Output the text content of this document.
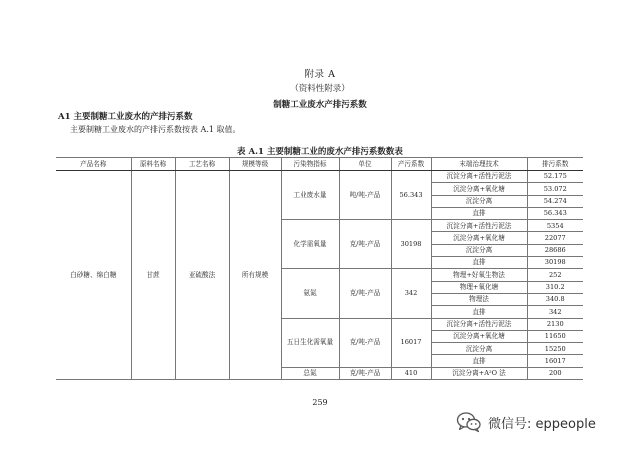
附录 A
（资料性附录）
制糖工业废水产排污系数
A1 主要制糖工业废水的产排污系数
主要制糖工业废水的产排污系数按表 A.1 取值。
表 A.1 主要制糖工业的废水产排污系数数表
产品名称	原料名称	工艺名称	规模等级	污染物指标	单位	产污系数	末端治理技术	排污系数
白砂糖、绵白糖	甘蔗	亚硫酸法	所有规模	工业废水量	吨/吨-产品	56.343	沉淀分离+活性污泥法	52.175
							沉淀分离+氧化塘	53.072
							沉淀分离	54.274
							直排	56.343
				化学需氧量	克/吨-产品	30198	沉淀分离+活性污泥法	5354
							沉淀分离+氧化塘	22077
							沉淀分离	28686
							直排	30198
				氨氮	克/吨-产品	342	物理+好氧生物法	252
							物理+氧化塘	310.2
							物理法	340.8
							直排	342
				五日生化需氧量	克/吨-产品	16017	沉淀分离+活性污泥法	2130
							沉淀分离+氧化塘	11650
							沉淀分离	15250
							直排	16017
				总氮	克/吨-产品	410	沉淀分离+A²O 法	200
259
微信号: eppeople
